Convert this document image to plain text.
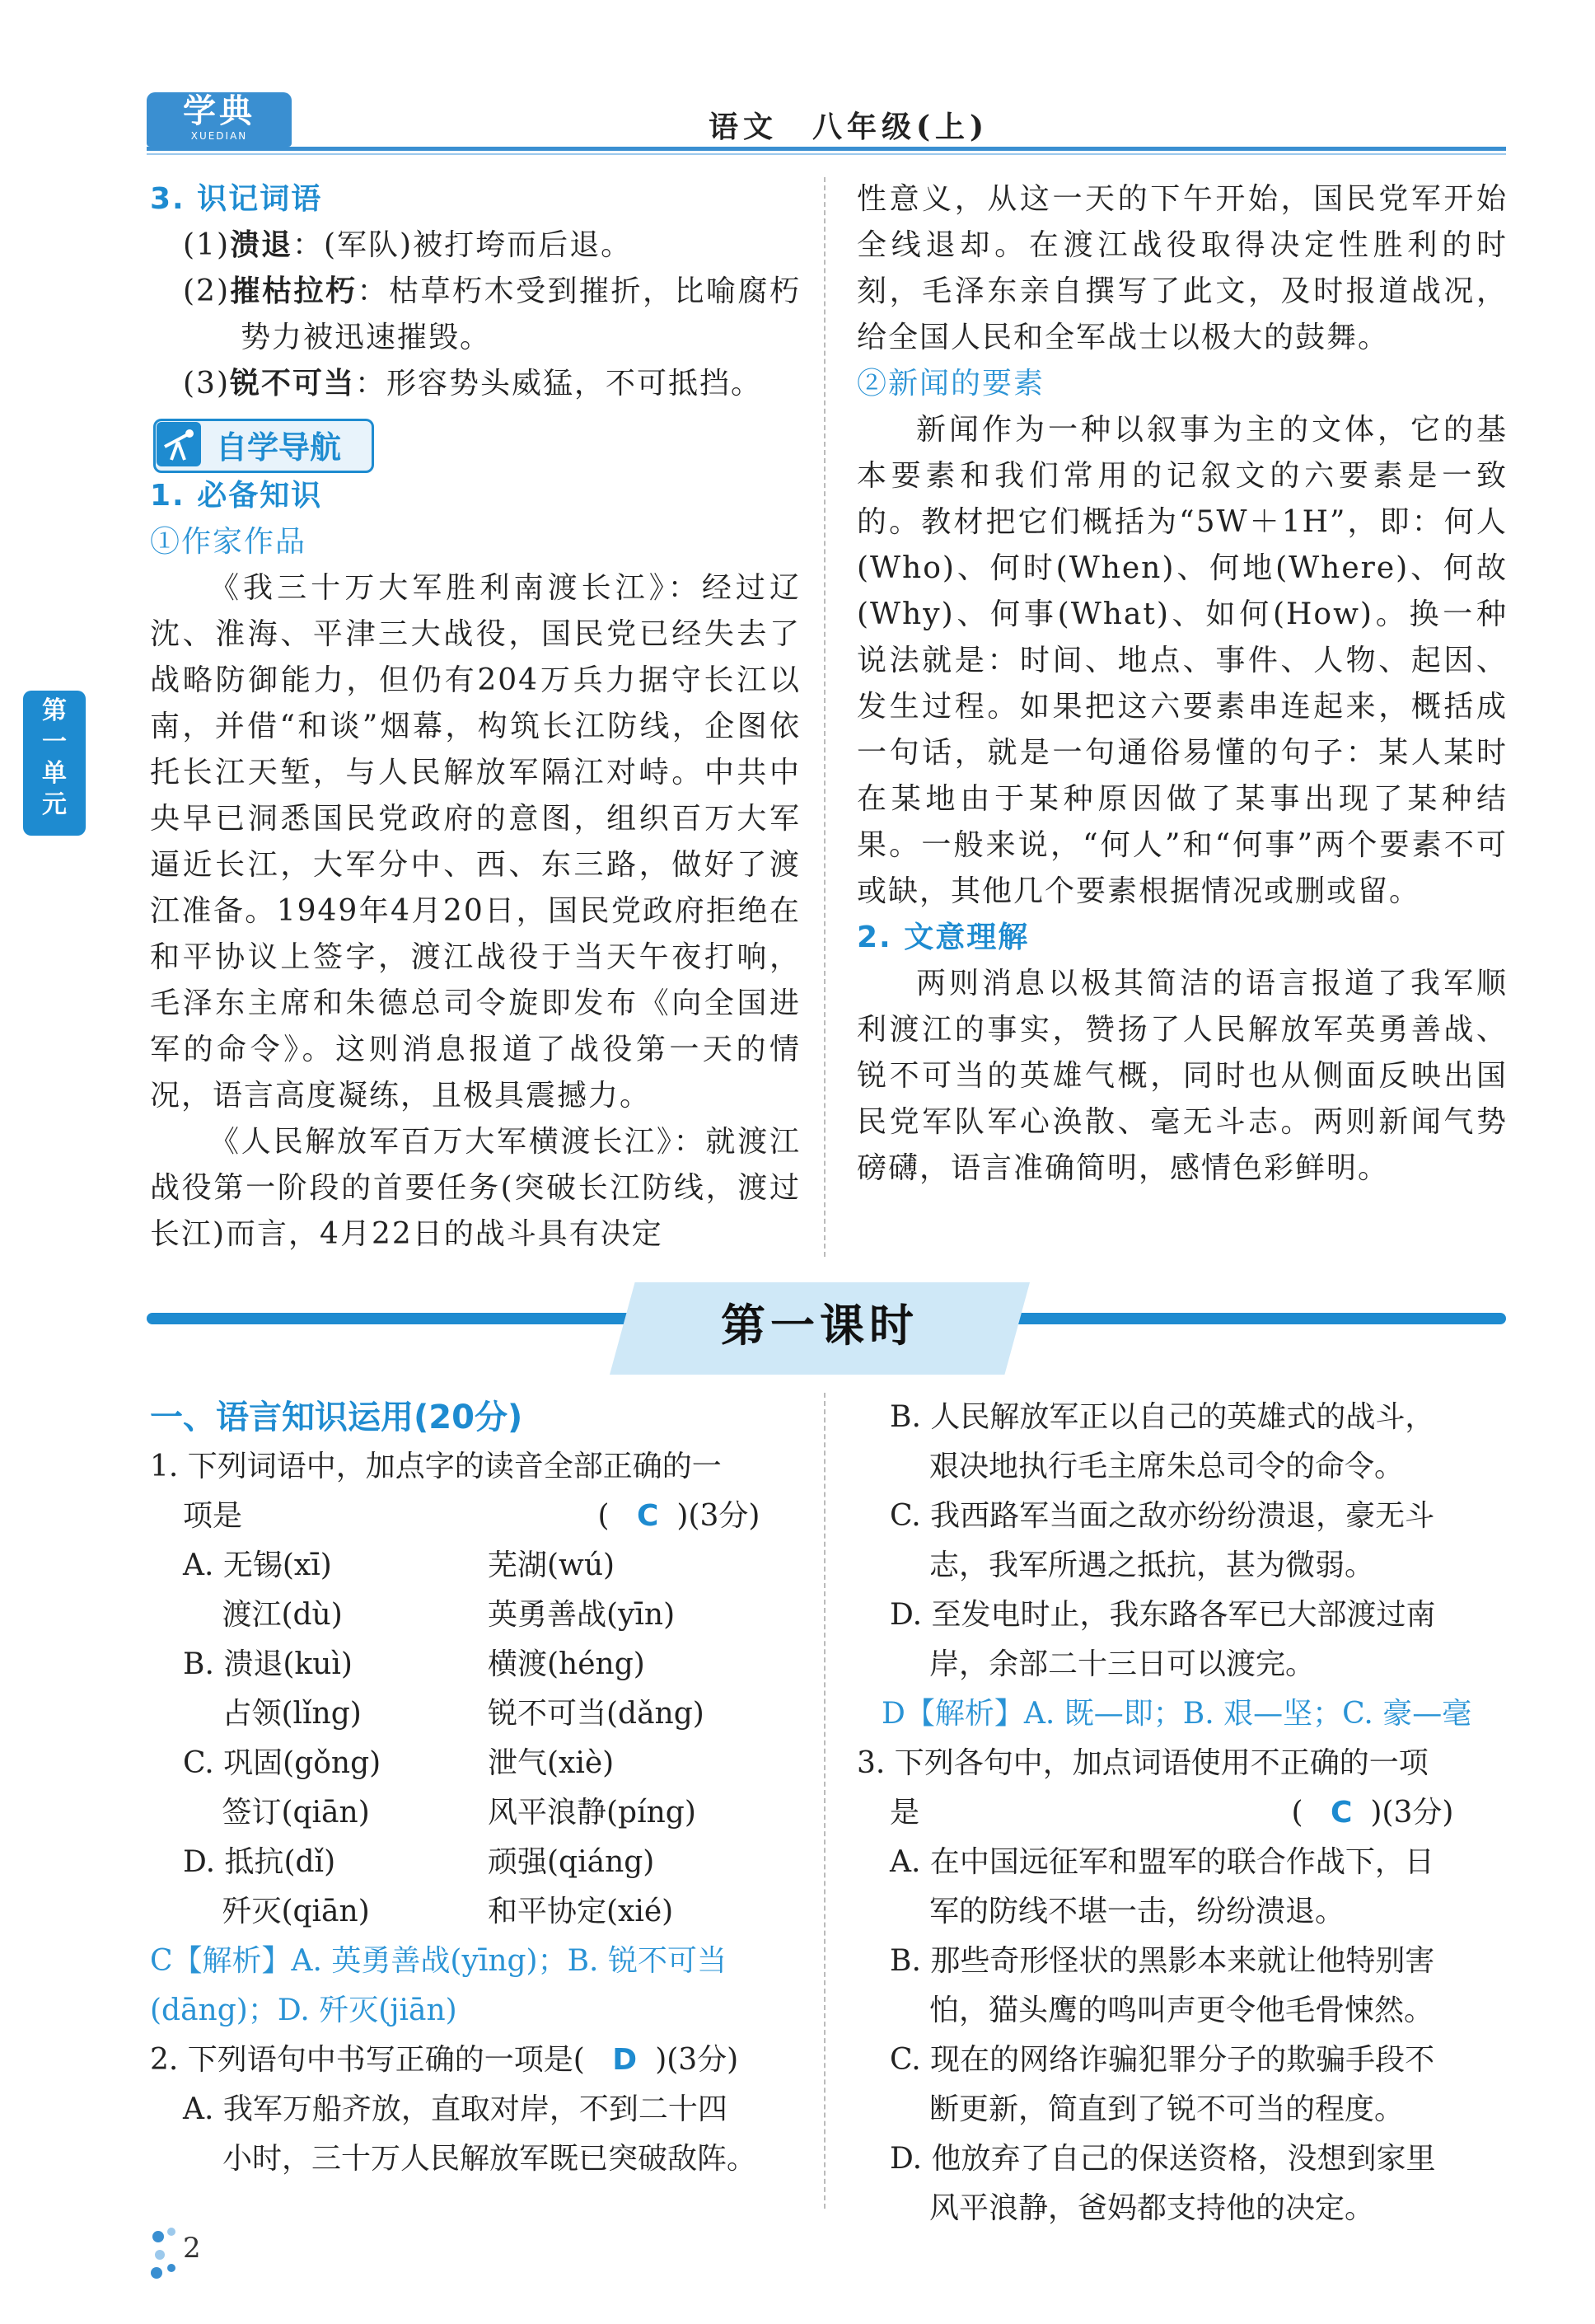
学典
XUEDIAN	语文　八年级(上)
第一单元
3. 识记词语
(1)溃退：(军队)被打垮而后退。
(2)摧枯拉朽：枯草朽木受到摧折，比喻腐朽势力被迅速摧毁。
(3)锐不可当：形容势头威猛，不可抵挡。
自学导航
1. 必备知识
①作家作品
《我三十万大军胜利南渡长江》：经过辽沈、淮海、平津三大战役，国民党已经失去了战略防御能力，但仍有204万兵力据守长江以南，并借“和谈”烟幕，构筑长江防线，企图依托长江天堑，与人民解放军隔江对峙。中共中央早已洞悉国民党政府的意图，组织百万大军逼近长江，大军分中、西、东三路，做好了渡江准备。1949年4月20日，国民党政府拒绝在和平协议上签字，渡江战役于当天午夜打响，毛泽东主席和朱德总司令旋即发布《向全国进军的命令》。这则消息报道了战役第一天的情况，语言高度凝练，且极具震撼力。
《人民解放军百万大军横渡长江》：就渡江战役第一阶段的首要任务(突破长江防线，渡过长江)而言，4月22日的战斗具有决定
性意义，从这一天的下午开始，国民党军开始全线退却。在渡江战役取得决定性胜利的时刻，毛泽东亲自撰写了此文，及时报道战况，给全国人民和全军战士以极大的鼓舞。
②新闻的要素
新闻作为一种以叙事为主的文体，它的基本要素和我们常用的记叙文的六要素是一致的。教材把它们概括为“5W＋1H”，即：何人(Who)、何时(When)、何地(Where)、何故(Why)、何事(What)、如何(How)。换一种说法就是：时间、地点、事件、人物、起因、发生过程。如果把这六要素串连起来，概括成一句话，就是一句通俗易懂的句子：某人某时在某地由于某种原因做了某事出现了某种结果。一般来说，“何人”和“何事”两个要素不可或缺，其他几个要素根据情况或删或留。
2. 文意理解
两则消息以极其简洁的语言报道了我军顺利渡江的事实，赞扬了人民解放军英勇善战、锐不可当的英雄气概，同时也从侧面反映出国民党军队军心涣散、毫无斗志。两则新闻气势磅礴，语言准确简明，感情色彩鲜明。
第一课时
一、语言知识运用(20分)
1. 下列词语中，加点字的读音全部正确的一
项是	( C )(3分)
A. 无锡(xī)	芜湖(wú)
　 渡江(dù)	英勇善战(yīn)
B. 溃退(kuì)	横渡(héng)
　 占领(lǐng)	锐不可当(dǎng)
C. 巩固(gǒng)	泄气(xiè)
　 签订(qiān)	风平浪静(píng)
D. 抵抗(dǐ)	顽强(qiáng)
　 歼灭(qiān)	和平协定(xié)
C【解析】A. 英勇善战(yīng)；B. 锐不可当
(dāng)；D. 歼灭(jiān)
2. 下列语句中书写正确的一项是( D )(3分)
A. 我军万船齐放，直取对岸，不到二十四
小时，三十万人民解放军既已突破敌阵。
B. 人民解放军正以自己的英雄式的战斗，
艰决地执行毛主席朱总司令的命令。
C. 我西路军当面之敌亦纷纷溃退，豪无斗
志，我军所遇之抵抗，甚为微弱。
D. 至发电时止，我东路各军已大部渡过南
岸，余部二十三日可以渡完。
D【解析】A. 既—即；B. 艰—坚；C. 豪—毫
3. 下列各句中，加点词语使用不正确的一项
是	( C )(3分)
A. 在中国远征军和盟军的联合作战下，日
军的防线不堪一击，纷纷溃退。
B. 那些奇形怪状的黑影本来就让他特别害
怕，猫头鹰的鸣叫声更令他毛骨悚然。
C. 现在的网络诈骗犯罪分子的欺骗手段不
断更新，简直到了锐不可当的程度。
D. 他放弃了自己的保送资格，没想到家里
风平浪静，爸妈都支持他的决定。
2
